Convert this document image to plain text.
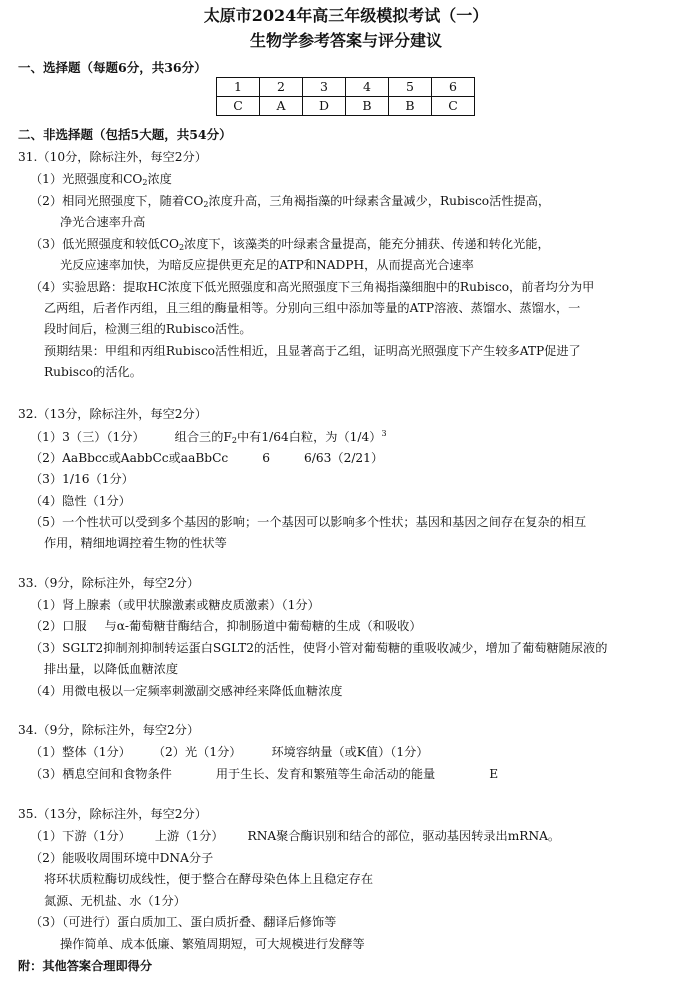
太原市2024年高三年级模拟考试（一）
生物学参考答案与评分建议
一、选择题（每题6分，共36分）
1	2	3	4	5	6
C	A	D	B	B	C
二、非选择题（包括5大题，共54分）
31.（10分，除标注外，每空2分）
（1）光照强度和$CO_2$浓度
（2）相同光照强度下，随着$CO_2$浓度升高，三角褐指藻的叶绿素含量减少，Rubisco活性提高，
净光合速率升高
（3）低光照强度和较低$CO_2$浓度下，该藻类的叶绿素含量提高，能充分捕获、传递和转化光能，
光反应速率加快，为暗反应提供更充足的ATP和NADPH，从而提高光合速率
（4）实验思路：提取HC浓度下低光照强度和高光照强度下三角褐指藻细胞中的Rubisco，前者均分为甲
乙两组，后者作丙组，且三组的酶量相等。分别向三组中添加等量的ATP溶液、蒸馏水、蒸馏水，一
段时间后，检测三组的Rubisco活性。
预期结果：甲组和丙组Rubisco活性相近，且显著高于乙组，证明高光照强度下产生较多ATP促进了
Rubisco的活化。
32.（13分，除标注外，每空2分）
（1）3（三）（1分） 组合三的$F_2$中有1/64白粒，为$(1/4)^3$
（2）AaBbcc或AabbCc或aaBbCc	6	6/63（2/21）
（3）1/16（1分）
（4）隐性（1分）
（5）一个性状可以受到多个基因的影响；一个基因可以影响多个性状；基因和基因之间存在复杂的相互
作用，精细地调控着生物的性状等
33.（9分，除标注外，每空2分）
（1）肾上腺素（或甲状腺激素或糖皮质激素）（1分）
（2）口服 与α-葡萄糖苷酶结合，抑制肠道中葡萄糖的生成（和吸收）
（3）SGLT2抑制剂抑制转运蛋白SGLT2的活性，使肾小管对葡萄糖的重吸收减少，增加了葡萄糖随尿液的
排出量，以降低血糖浓度
（4）用微电极以一定频率刺激副交感神经来降低血糖浓度
34.（9分，除标注外，每空2分）
（1）整体（1分） （2）光（1分） 环境容纳量（或K值）（1分）
（3）栖息空间和食物条件	用于生长、发育和繁殖等生命活动的能量	E
35.（13分，除标注外，每空2分）
（1）下游（1分） 上游（1分） RNA聚合酶识别和结合的部位，驱动基因转录出mRNA。
（2）能吸收周围环境中DNA分子
将环状质粒酶切成线性，便于整合在酵母染色体上且稳定存在
氮源、无机盐、水（1分）
（3）（可进行）蛋白质加工、蛋白质折叠、翻译后修饰等
操作简单、成本低廉、繁殖周期短，可大规模进行发酵等
附：其他答案合理即得分
